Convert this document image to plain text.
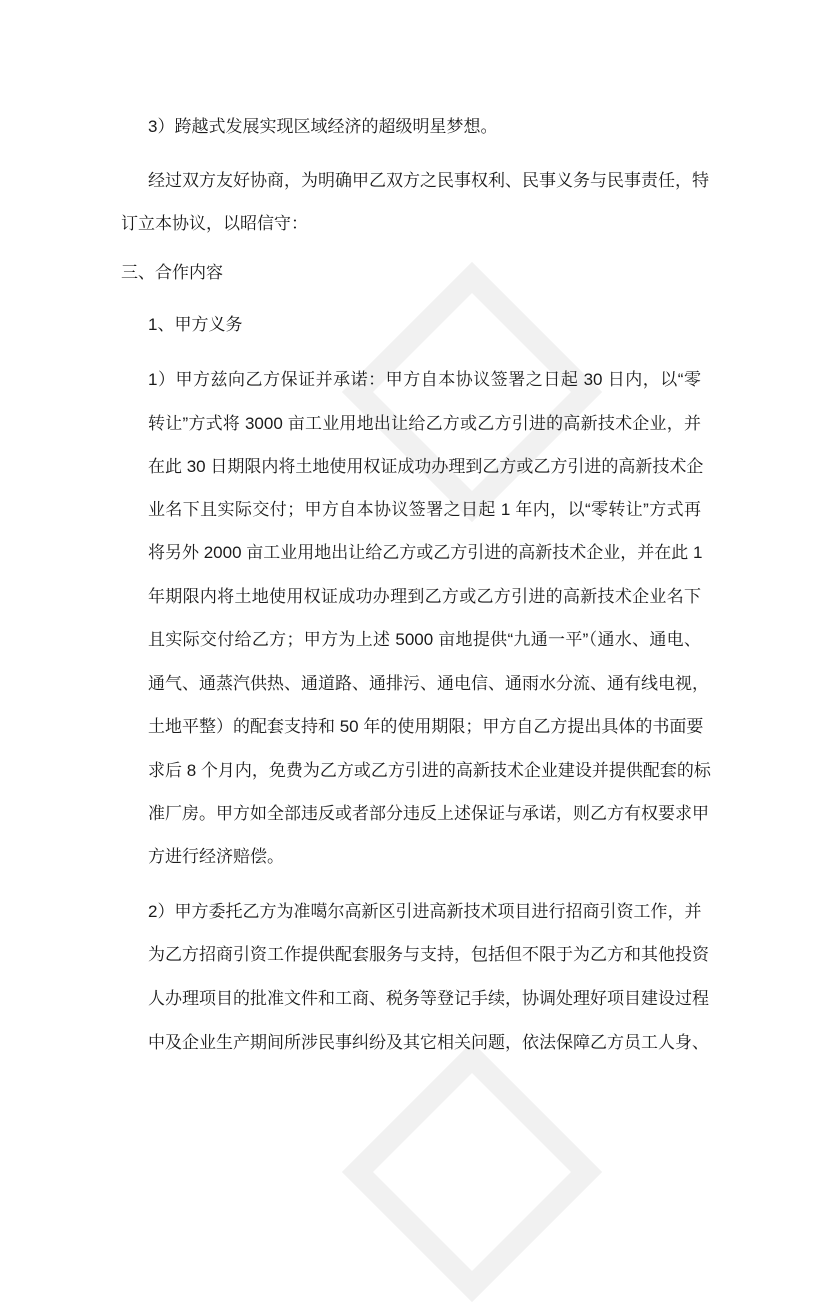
3）跨越式发展实现区域经济的超级明星梦想。
经过双方友好协商，为明确甲乙双方之民事权利、民事义务与民事责任，特
订立本协议，以昭信守：
三、合作内容
1、甲方义务
1）甲方兹向乙方保证并承诺：甲方自本协议签署之日起 30 日内，以“零
转让”方式将 3000 亩工业用地出让给乙方或乙方引进的高新技术企业，并
在此 30 日期限内将土地使用权证成功办理到乙方或乙方引进的高新技术企
业名下且实际交付；甲方自本协议签署之日起 1 年内，以“零转让”方式再
将另外 2000 亩工业用地出让给乙方或乙方引进的高新技术企业，并在此 1
年期限内将土地使用权证成功办理到乙方或乙方引进的高新技术企业名下
且实际交付给乙方；甲方为上述 5000 亩地提供“九通一平”（通水、通电、
通气、通蒸汽供热、通道路、通排污、通电信、通雨水分流、通有线电视，
土地平整）的配套支持和 50 年的使用期限；甲方自乙方提出具体的书面要
求后 8 个月内，免费为乙方或乙方引进的高新技术企业建设并提供配套的标
准厂房。甲方如全部违反或者部分违反上述保证与承诺，则乙方有权要求甲
方进行经济赔偿。
2）甲方委托乙方为准噶尔高新区引进高新技术项目进行招商引资工作，并
为乙方招商引资工作提供配套服务与支持，包括但不限于为乙方和其他投资
人办理项目的批准文件和工商、税务等登记手续，协调处理好项目建设过程
中及企业生产期间所涉民事纠纷及其它相关问题，依法保障乙方员工人身、
